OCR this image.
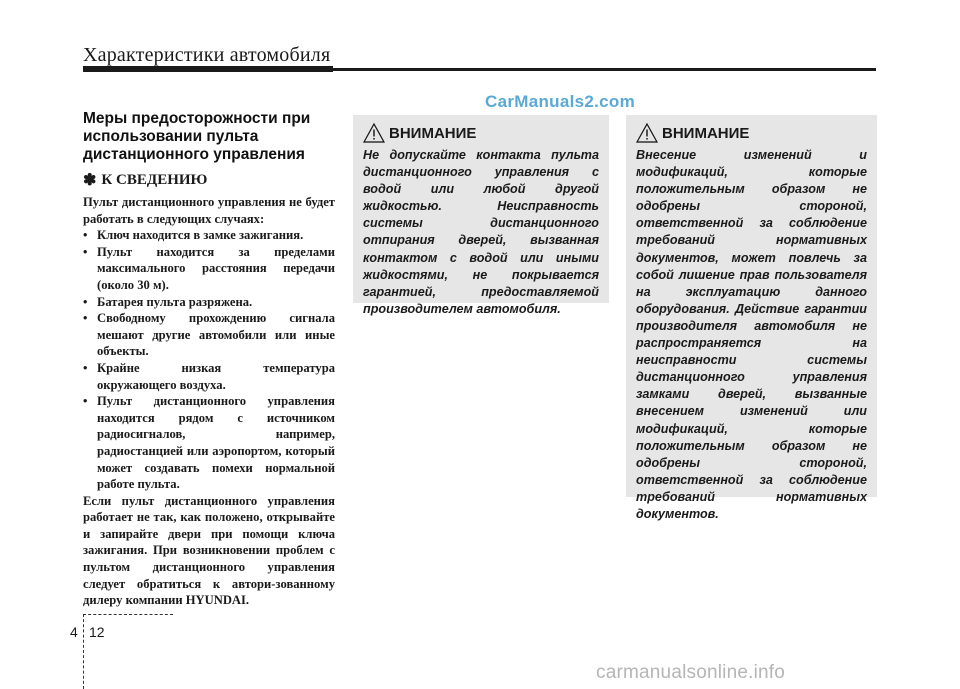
Характеристики автомобиля
CarManuals2.com
Меры предосторожности при использовании пульта дистанционного управления
✽ К СВЕДЕНИЮ

Пульт дистанционного управления не будет работать в следующих случаях:

• Ключ находится в замке зажигания.
• Пульт находится за пределами максимального расстояния передачи (около 30 м).
• Батарея пульта разряжена.
• Свободному прохождению сигнала мешают другие автомобили или иные объекты.
• Крайне низкая температура окружающего воздуха.
• Пульт дистанционного управления находится рядом с источником радиосигналов, например, радиостанцией или аэропортом, который может создавать помехи нормальной работе пульта.

Если пульт дистанционного управления работает не так, как положено, открывайте и запирайте двери при помощи ключа зажигания. При возникновении проблем с пультом дистанционного управления следует обратиться к автори-зованному дилеру компании HYUNDAI.

ВНИМАНИЕ

Не допускайте контакта пульта дистанционного управления с водой или любой другой жидкостью. Неисправность системы дистанционного отпирания дверей, вызванная контактом с водой или иными жидкостями, не покрывается гарантией, предоставляемой производителем автомобиля.

ВНИМАНИЕ

Внесение изменений и модификаций, которые положительным образом не одобрены стороной, ответственной за соблюдение требований нормативных документов, может повлечь за собой лишение прав пользователя на эксплуатацию данного оборудования. Действие гарантии производителя автомобиля не распространяется на неисправности системы дистанционного управления замками дверей, вызванные внесением изменений или модификаций, которые положительным образом не одобрены стороной, ответственной за соблюдение требований нормативных документов.

4 12
carmanualsonline.info
